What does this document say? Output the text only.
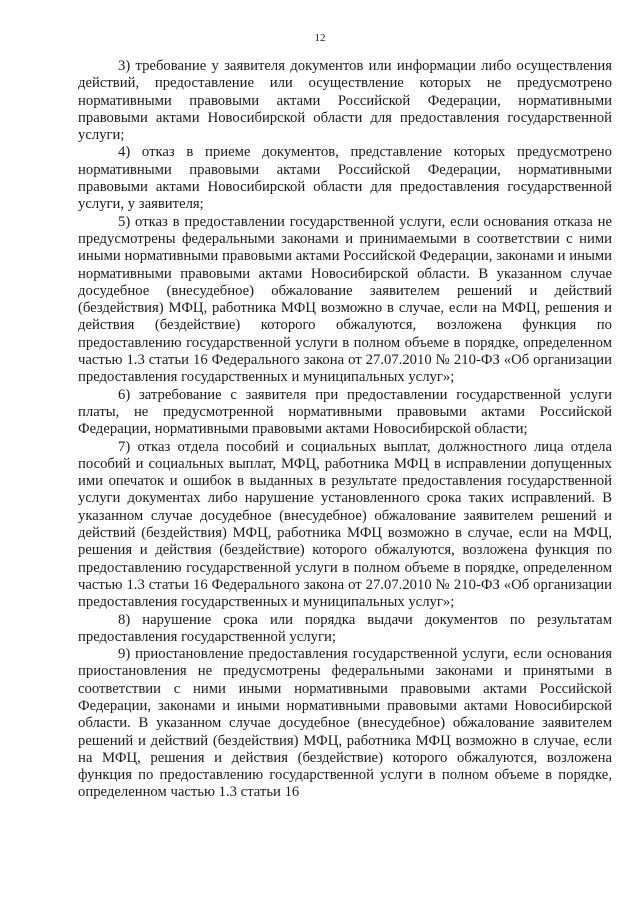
12

3) требование у заявителя документов или информации либо осуществления действий, предоставление или осуществление которых не предусмотрено нормативными правовыми актами Российской Федерации, нормативными правовыми актами Новосибирской области для предоставления государственной услуги;

4) отказ в приеме документов, представление которых предусмотрено нормативными правовыми актами Российской Федерации, нормативными правовыми актами Новосибирской области для предоставления государственной услуги, у заявителя;

5) отказ в предоставлении государственной услуги, если основания отказа не предусмотрены федеральными законами и принимаемыми в соответствии с ними иными нормативными правовыми актами Российской Федерации, законами и иными нормативными правовыми актами Новосибирской области. В указанном случае досудебное (внесудебное) обжалование заявителем решений и действий (бездействия) МФЦ, работника МФЦ возможно в случае, если на МФЦ, решения и действия (бездействие) которого обжалуются, возложена функция по предоставлению государственной услуги в полном объеме в порядке, определенном частью 1.3 статьи 16 Федерального закона от 27.07.2010 № 210-ФЗ «Об организации предоставления государственных и муниципальных услуг»;

6) затребование с заявителя при предоставлении государственной услуги платы, не предусмотренной нормативными правовыми актами Российской Федерации, нормативными правовыми актами Новосибирской области;

7) отказ отдела пособий и социальных выплат, должностного лица отдела пособий и социальных выплат, МФЦ, работника МФЦ в исправлении допущенных ими опечаток и ошибок в выданных в результате предоставления государственной услуги документах либо нарушение установленного срока таких исправлений. В указанном случае досудебное (внесудебное) обжалование заявителем решений и действий (бездействия) МФЦ, работника МФЦ возможно в случае, если на МФЦ, решения и действия (бездействие) которого обжалуются, возложена функция по предоставлению государственной услуги в полном объеме в порядке, определенном частью 1.3 статьи 16 Федерального закона от 27.07.2010 № 210-ФЗ «Об организации предоставления государственных и муниципальных услуг»;

8) нарушение срока или порядка выдачи документов по результатам предоставления государственной услуги;

9) приостановление предоставления государственной услуги, если основания приостановления не предусмотрены федеральными законами и принятыми в соответствии с ними иными нормативными правовыми актами Российской Федерации, законами и иными нормативными правовыми актами Новосибирской области. В указанном случае досудебное (внесудебное) обжалование заявителем решений и действий (бездействия) МФЦ, работника МФЦ возможно в случае, если на МФЦ, решения и действия (бездействие) которого обжалуются, возложена функция по предоставлению государственной услуги в полном объеме в порядке, определенном частью 1.3 статьи 16
